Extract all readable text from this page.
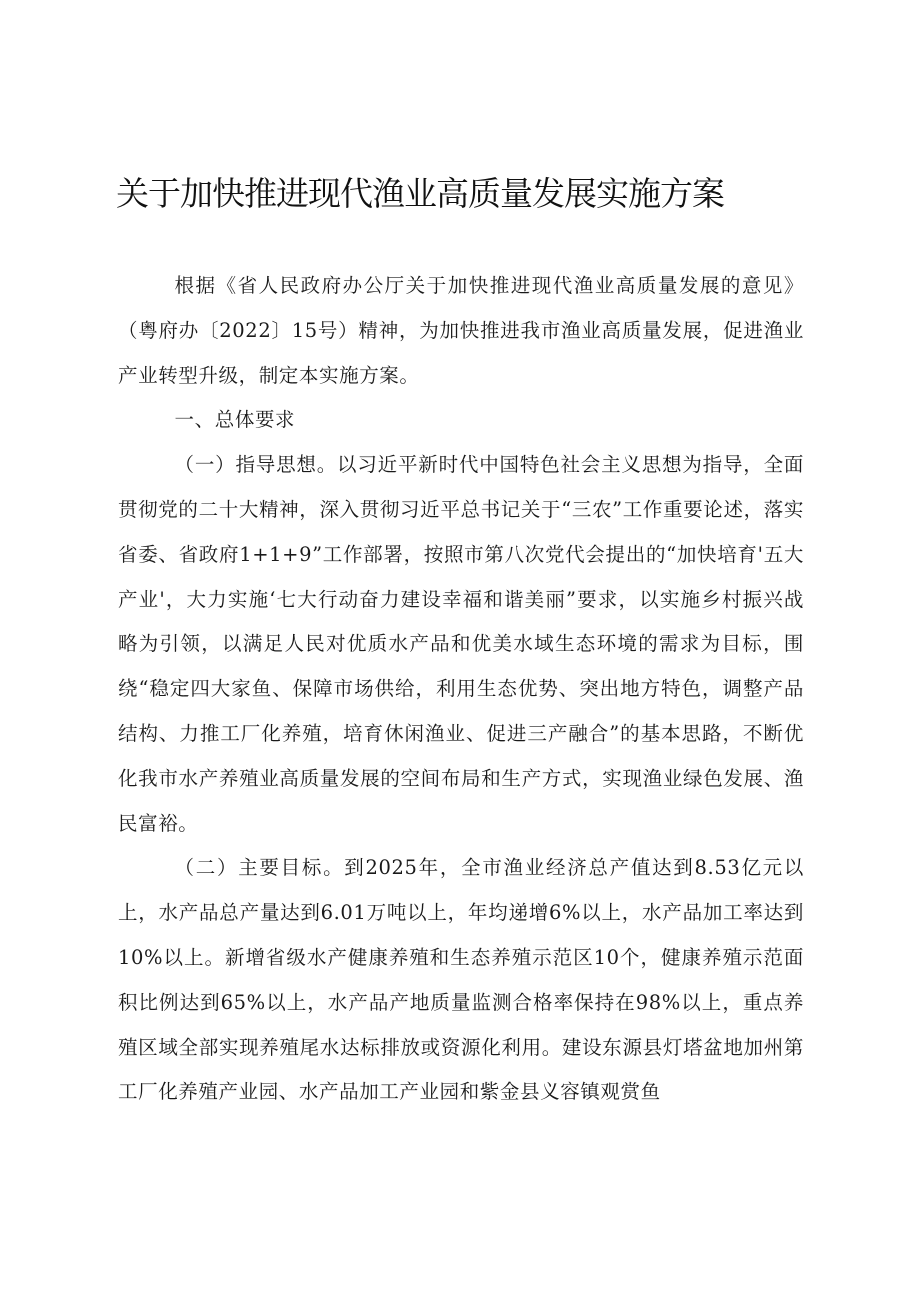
关于加快推进现代渔业高质量发展实施方案

根据《省人民政府办公厅关于加快推进现代渔业高质量发展的意见》（粤府办〔2022〕15号）精神，为加快推进我市渔业高质量发展，促进渔业产业转型升级，制定本实施方案。

一、总体要求

（一）指导思想。以习近平新时代中国特色社会主义思想为指导，全面贯彻党的二十大精神，深入贯彻习近平总书记关于“三农”工作重要论述，落实省委、省政府1+1+9”工作部署，按照市第八次党代会提出的“加快培育'五大产业'，大力实施‘七大行动奋力建设幸福和谐美丽”要求，以实施乡村振兴战略为引领，以满足人民对优质水产品和优美水域生态环境的需求为目标，围绕“稳定四大家鱼、保障市场供给，利用生态优势、突出地方特色，调整产品结构、力推工厂化养殖，培育休闲渔业、促进三产融合”的基本思路，不断优化我市水产养殖业高质量发展的空间布局和生产方式，实现渔业绿色发展、渔民富裕。

（二）主要目标。到2025年，全市渔业经济总产值达到8.53亿元以上，水产品总产量达到6.01万吨以上，年均递增6%以上，水产品加工率达到10%以上。新增省级水产健康养殖和生态养殖示范区10个，健康养殖示范面积比例达到65%以上，水产品产地质量监测合格率保持在98%以上，重点养殖区域全部实现养殖尾水达标排放或资源化利用。建设东源县灯塔盆地加州第工厂化养殖产业园、水产品加工产业园和紫金县义容镇观赏鱼
